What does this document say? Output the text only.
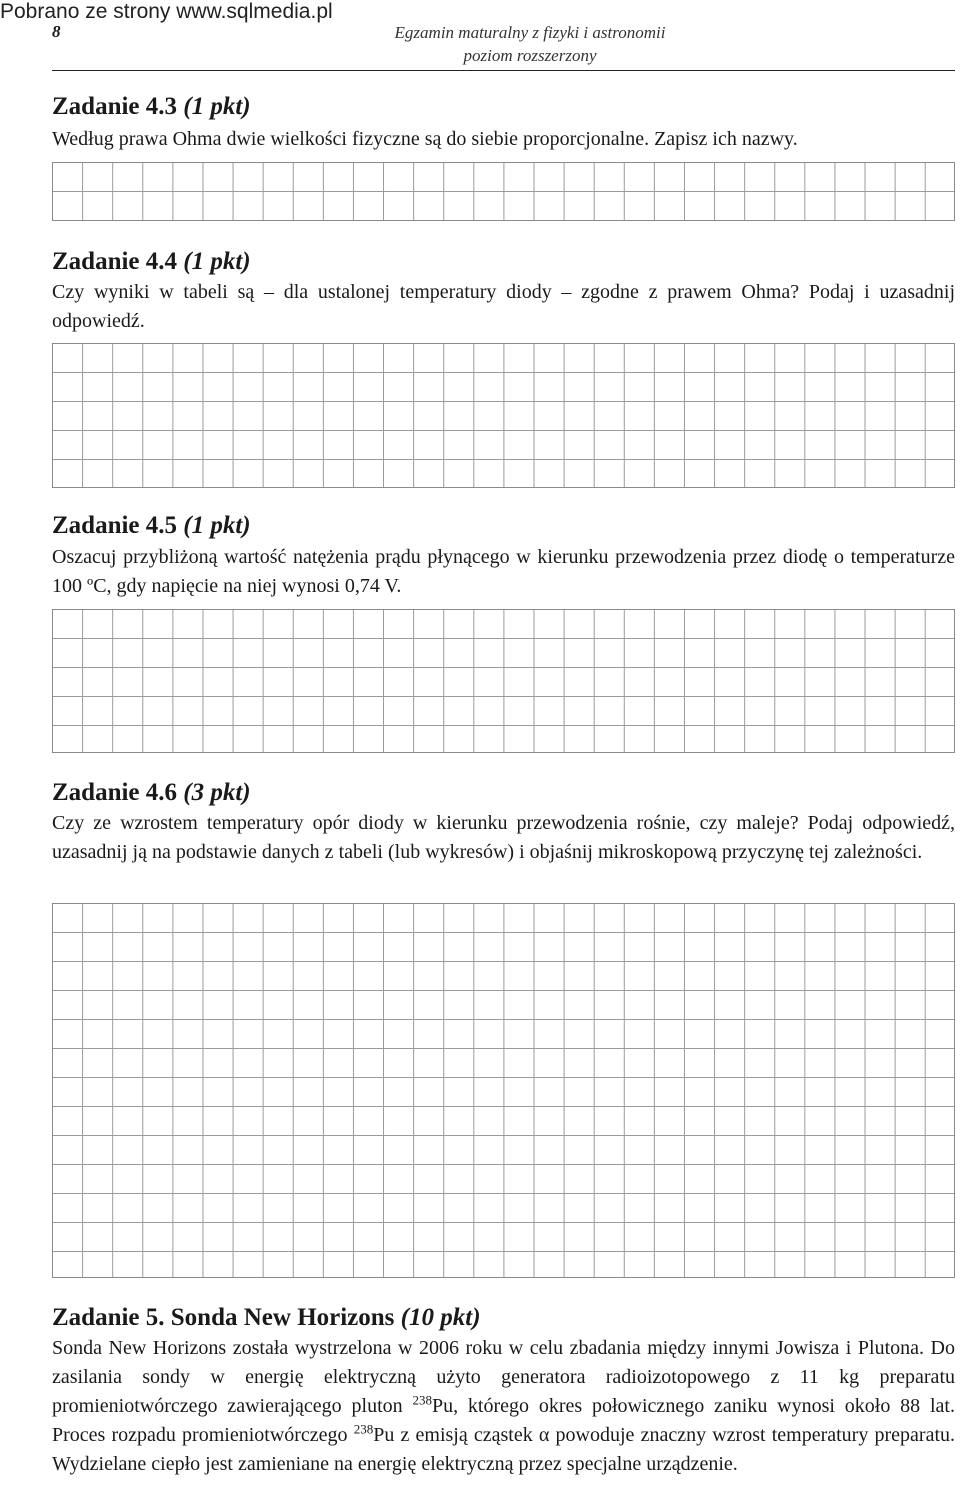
Pobrano ze strony www.sqlmedia.pl

8	Egzamin maturalny z fizyki i astronomii
poziom rozszerzony
Zadanie 4.3 (1 pkt)

Według prawa Ohma dwie wielkości fizyczne są do siebie proporcjonalne. Zapisz ich nazwy.

Zadanie 4.4 (1 pkt)

Czy wyniki w tabeli są – dla ustalonej temperatury diody – zgodne z prawem Ohma? Podaj i uzasadnij odpowiedź.

Zadanie 4.5 (1 pkt)

Oszacuj przybliżoną wartość natężenia prądu płynącego w kierunku przewodzenia przez diodę o temperaturze 100 ºC, gdy napięcie na niej wynosi 0,74 V.

Zadanie 4.6 (3 pkt)

Czy ze wzrostem temperatury opór diody w kierunku przewodzenia rośnie, czy maleje? Podaj odpowiedź, uzasadnij ją na podstawie danych z tabeli (lub wykresów) i objaśnij mikroskopową przyczynę tej zależności.

Zadanie 5. Sonda New Horizons (10 pkt)

Sonda New Horizons została wystrzelona w 2006 roku w celu zbadania między innymi Jowisza i Plutona. Do zasilania sondy w energię elektryczną użyto generatora radioizotopowego z 11 kg preparatu promieniotwórczego zawierającego pluton $^{238}$Pu, którego okres połowicznego zaniku wynosi około 88 lat. Proces rozpadu promieniotwórczego $^{238}$Pu z emisją cząstek α powoduje znaczny wzrost temperatury preparatu. Wydzielane ciepło jest zamieniane na energię elektryczną przez specjalne urządzenie.
